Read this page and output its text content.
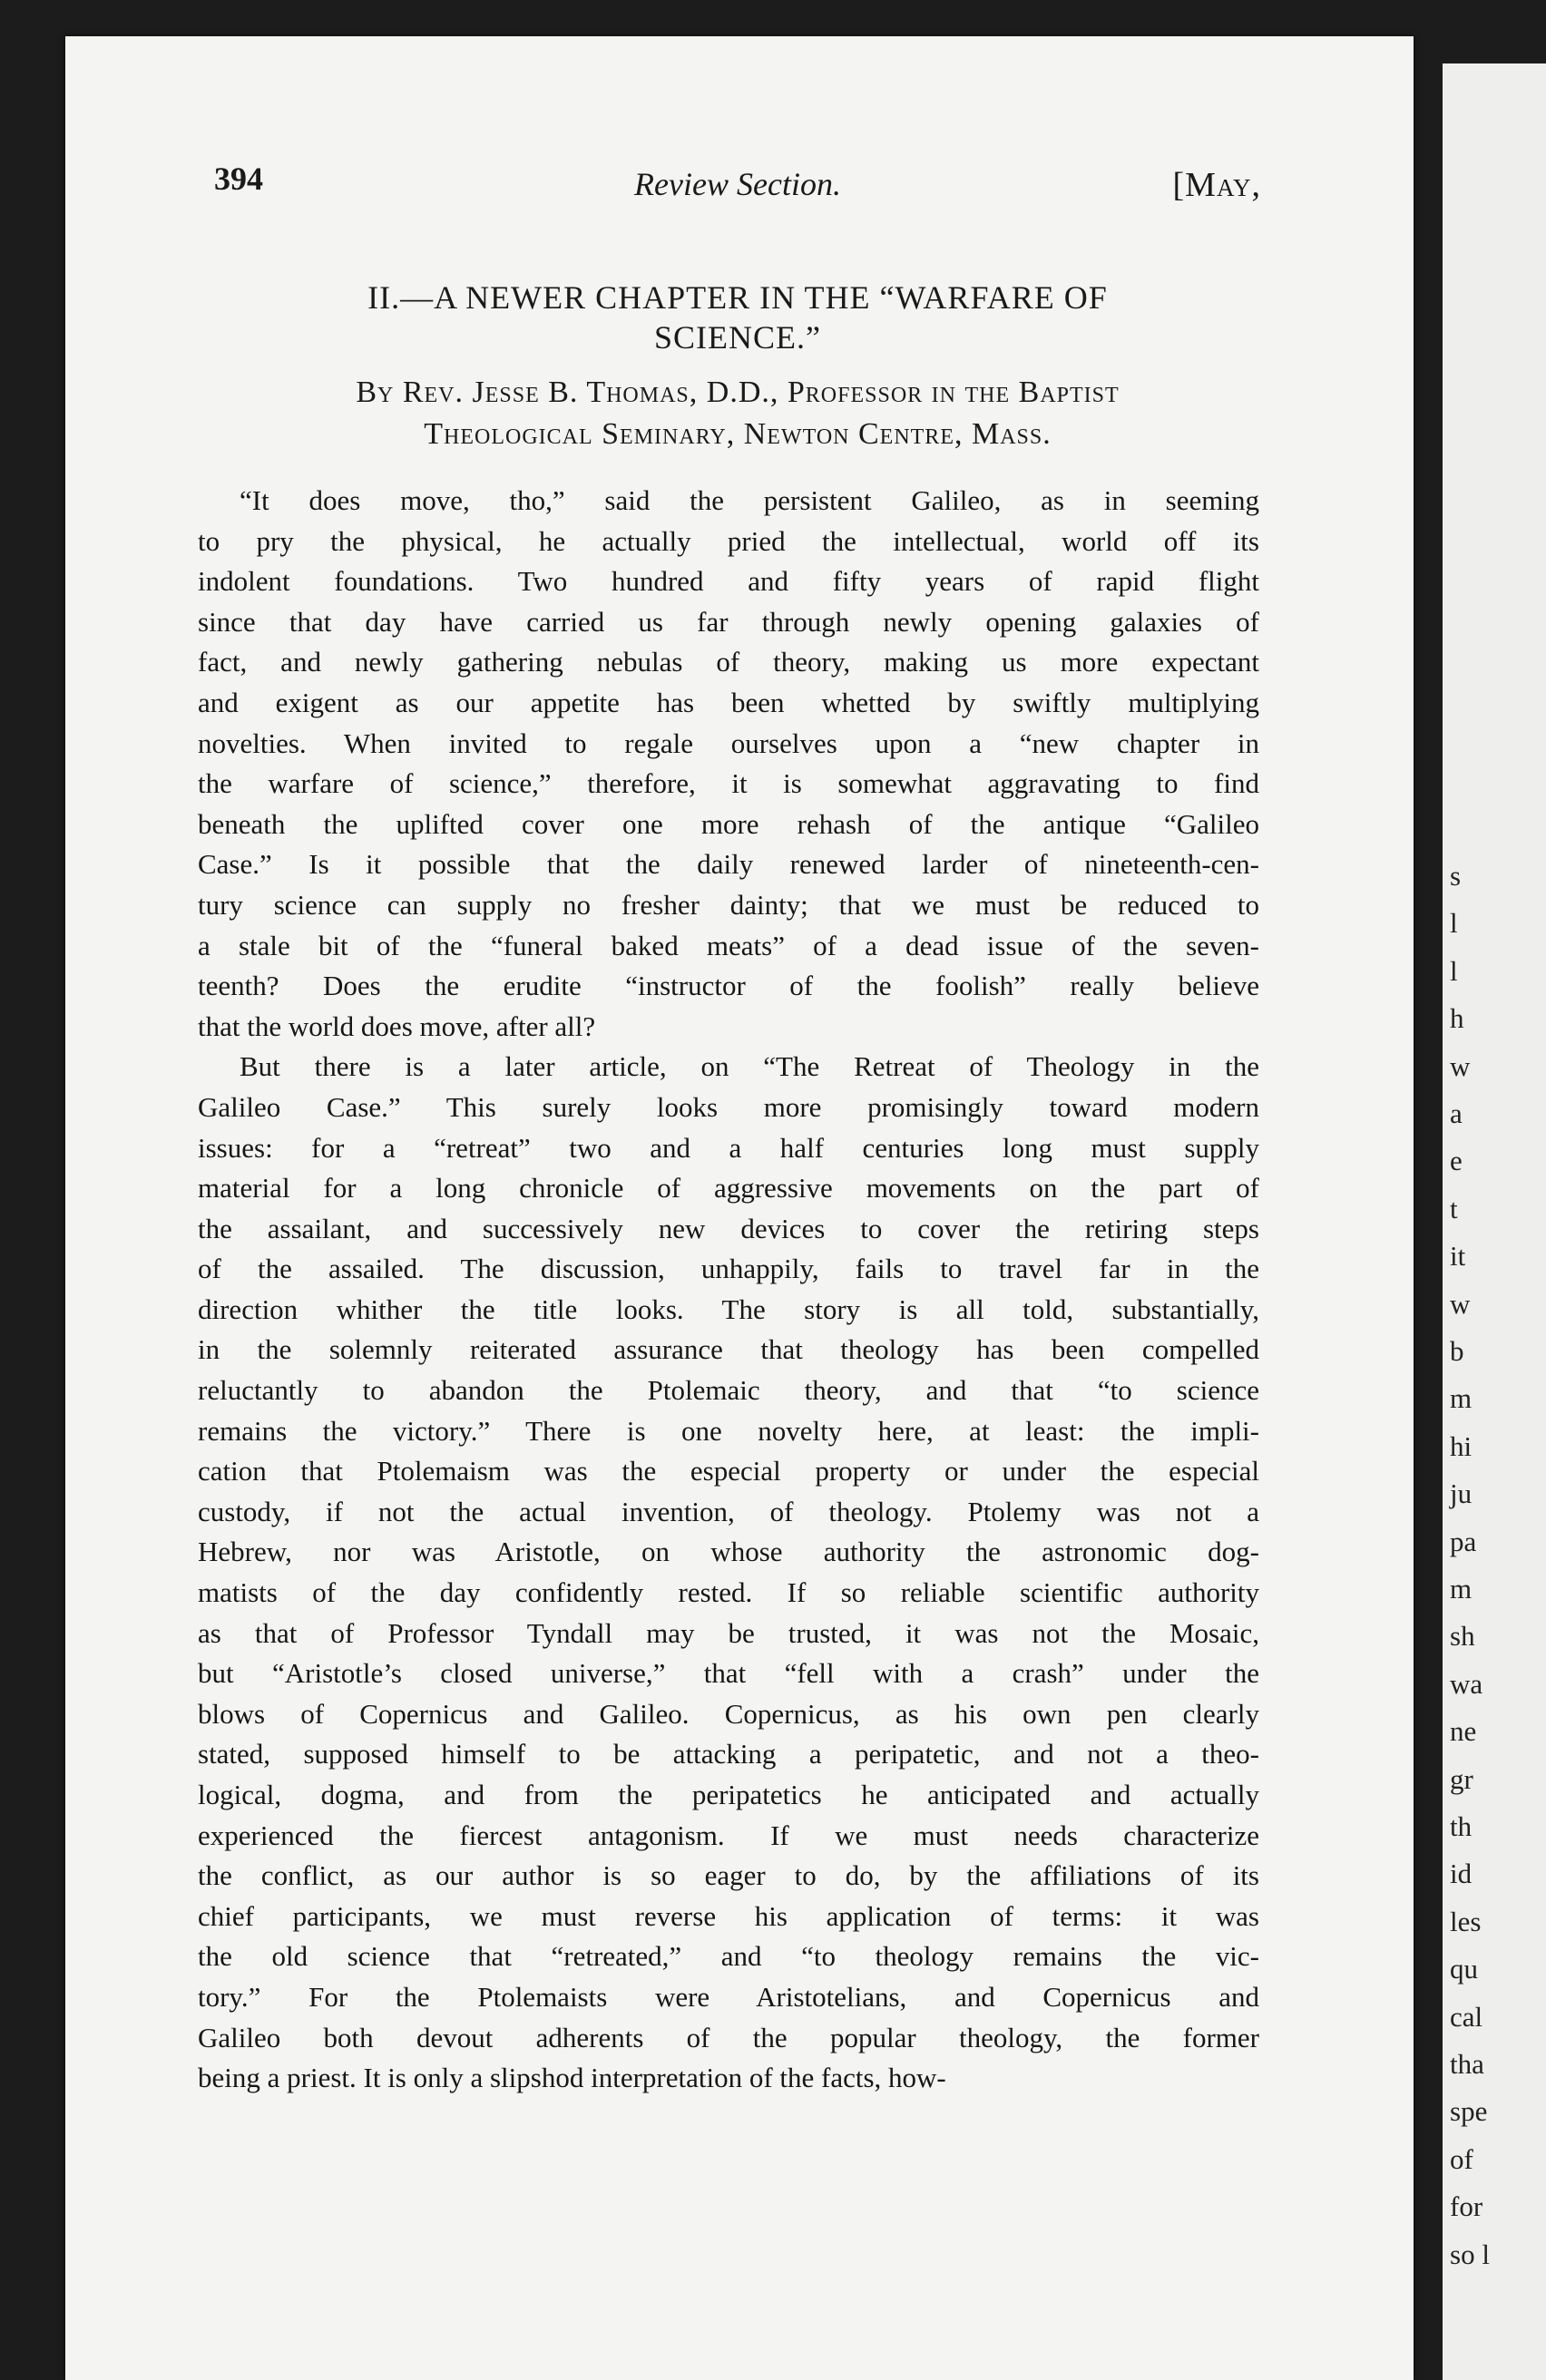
s
l
l
h
w
a
e
t
it
w
b
m
hi
ju
pa
m
sh
wa
ne
gr
th
id
les
qu
cal
tha
spe
of
for
so l
394	Review Section.	[May,
II.—A NEWER CHAPTER IN THE “WARFARE OF
SCIENCE.”
By Rev. Jesse B. Thomas, D.D., Professor in the Baptist
Theological Seminary, Newton Centre, Mass.
“It does move, tho,” said the persistent Galileo, as in seeming
to pry the physical, he actually pried the intellectual, world off its
indolent foundations. Two hundred and fifty years of rapid flight
since that day have carried us far through newly opening galaxies of
fact, and newly gathering nebulas of theory, making us more expectant
and exigent as our appetite has been whetted by swiftly multiplying
novelties. When invited to regale ourselves upon a “new chapter in
the warfare of science,” therefore, it is somewhat aggravating to find
beneath the uplifted cover one more rehash of the antique “Galileo
Case.” Is it possible that the daily renewed larder of nineteenth-cen-
tury science can supply no fresher dainty; that we must be reduced to
a stale bit of the “funeral baked meats” of a dead issue of the seven-
teenth? Does the erudite “instructor of the foolish” really believe
that the world does move, after all?
But there is a later article, on “The Retreat of Theology in the
Galileo Case.” This surely looks more promisingly toward modern
issues: for a “retreat” two and a half centuries long must supply
material for a long chronicle of aggressive movements on the part of
the assailant, and successively new devices to cover the retiring steps
of the assailed. The discussion, unhappily, fails to travel far in the
direction whither the title looks. The story is all told, substantially,
in the solemnly reiterated assurance that theology has been compelled
reluctantly to abandon the Ptolemaic theory, and that “to science
remains the victory.” There is one novelty here, at least: the impli-
cation that Ptolemaism was the especial property or under the especial
custody, if not the actual invention, of theology. Ptolemy was not a
Hebrew, nor was Aristotle, on whose authority the astronomic dog-
matists of the day confidently rested. If so reliable scientific authority
as that of Professor Tyndall may be trusted, it was not the Mosaic,
but “Aristotle’s closed universe,” that “fell with a crash” under the
blows of Copernicus and Galileo. Copernicus, as his own pen clearly
stated, supposed himself to be attacking a peripatetic, and not a theo-
logical, dogma, and from the peripatetics he anticipated and actually
experienced the fiercest antagonism. If we must needs characterize
the conflict, as our author is so eager to do, by the affiliations of its
chief participants, we must reverse his application of terms: it was
the old science that “retreated,” and “to theology remains the vic-
tory.” For the Ptolemaists were Aristotelians, and Copernicus and
Galileo both devout adherents of the popular theology, the former
being a priest. It is only a slipshod interpretation of the facts, how-
